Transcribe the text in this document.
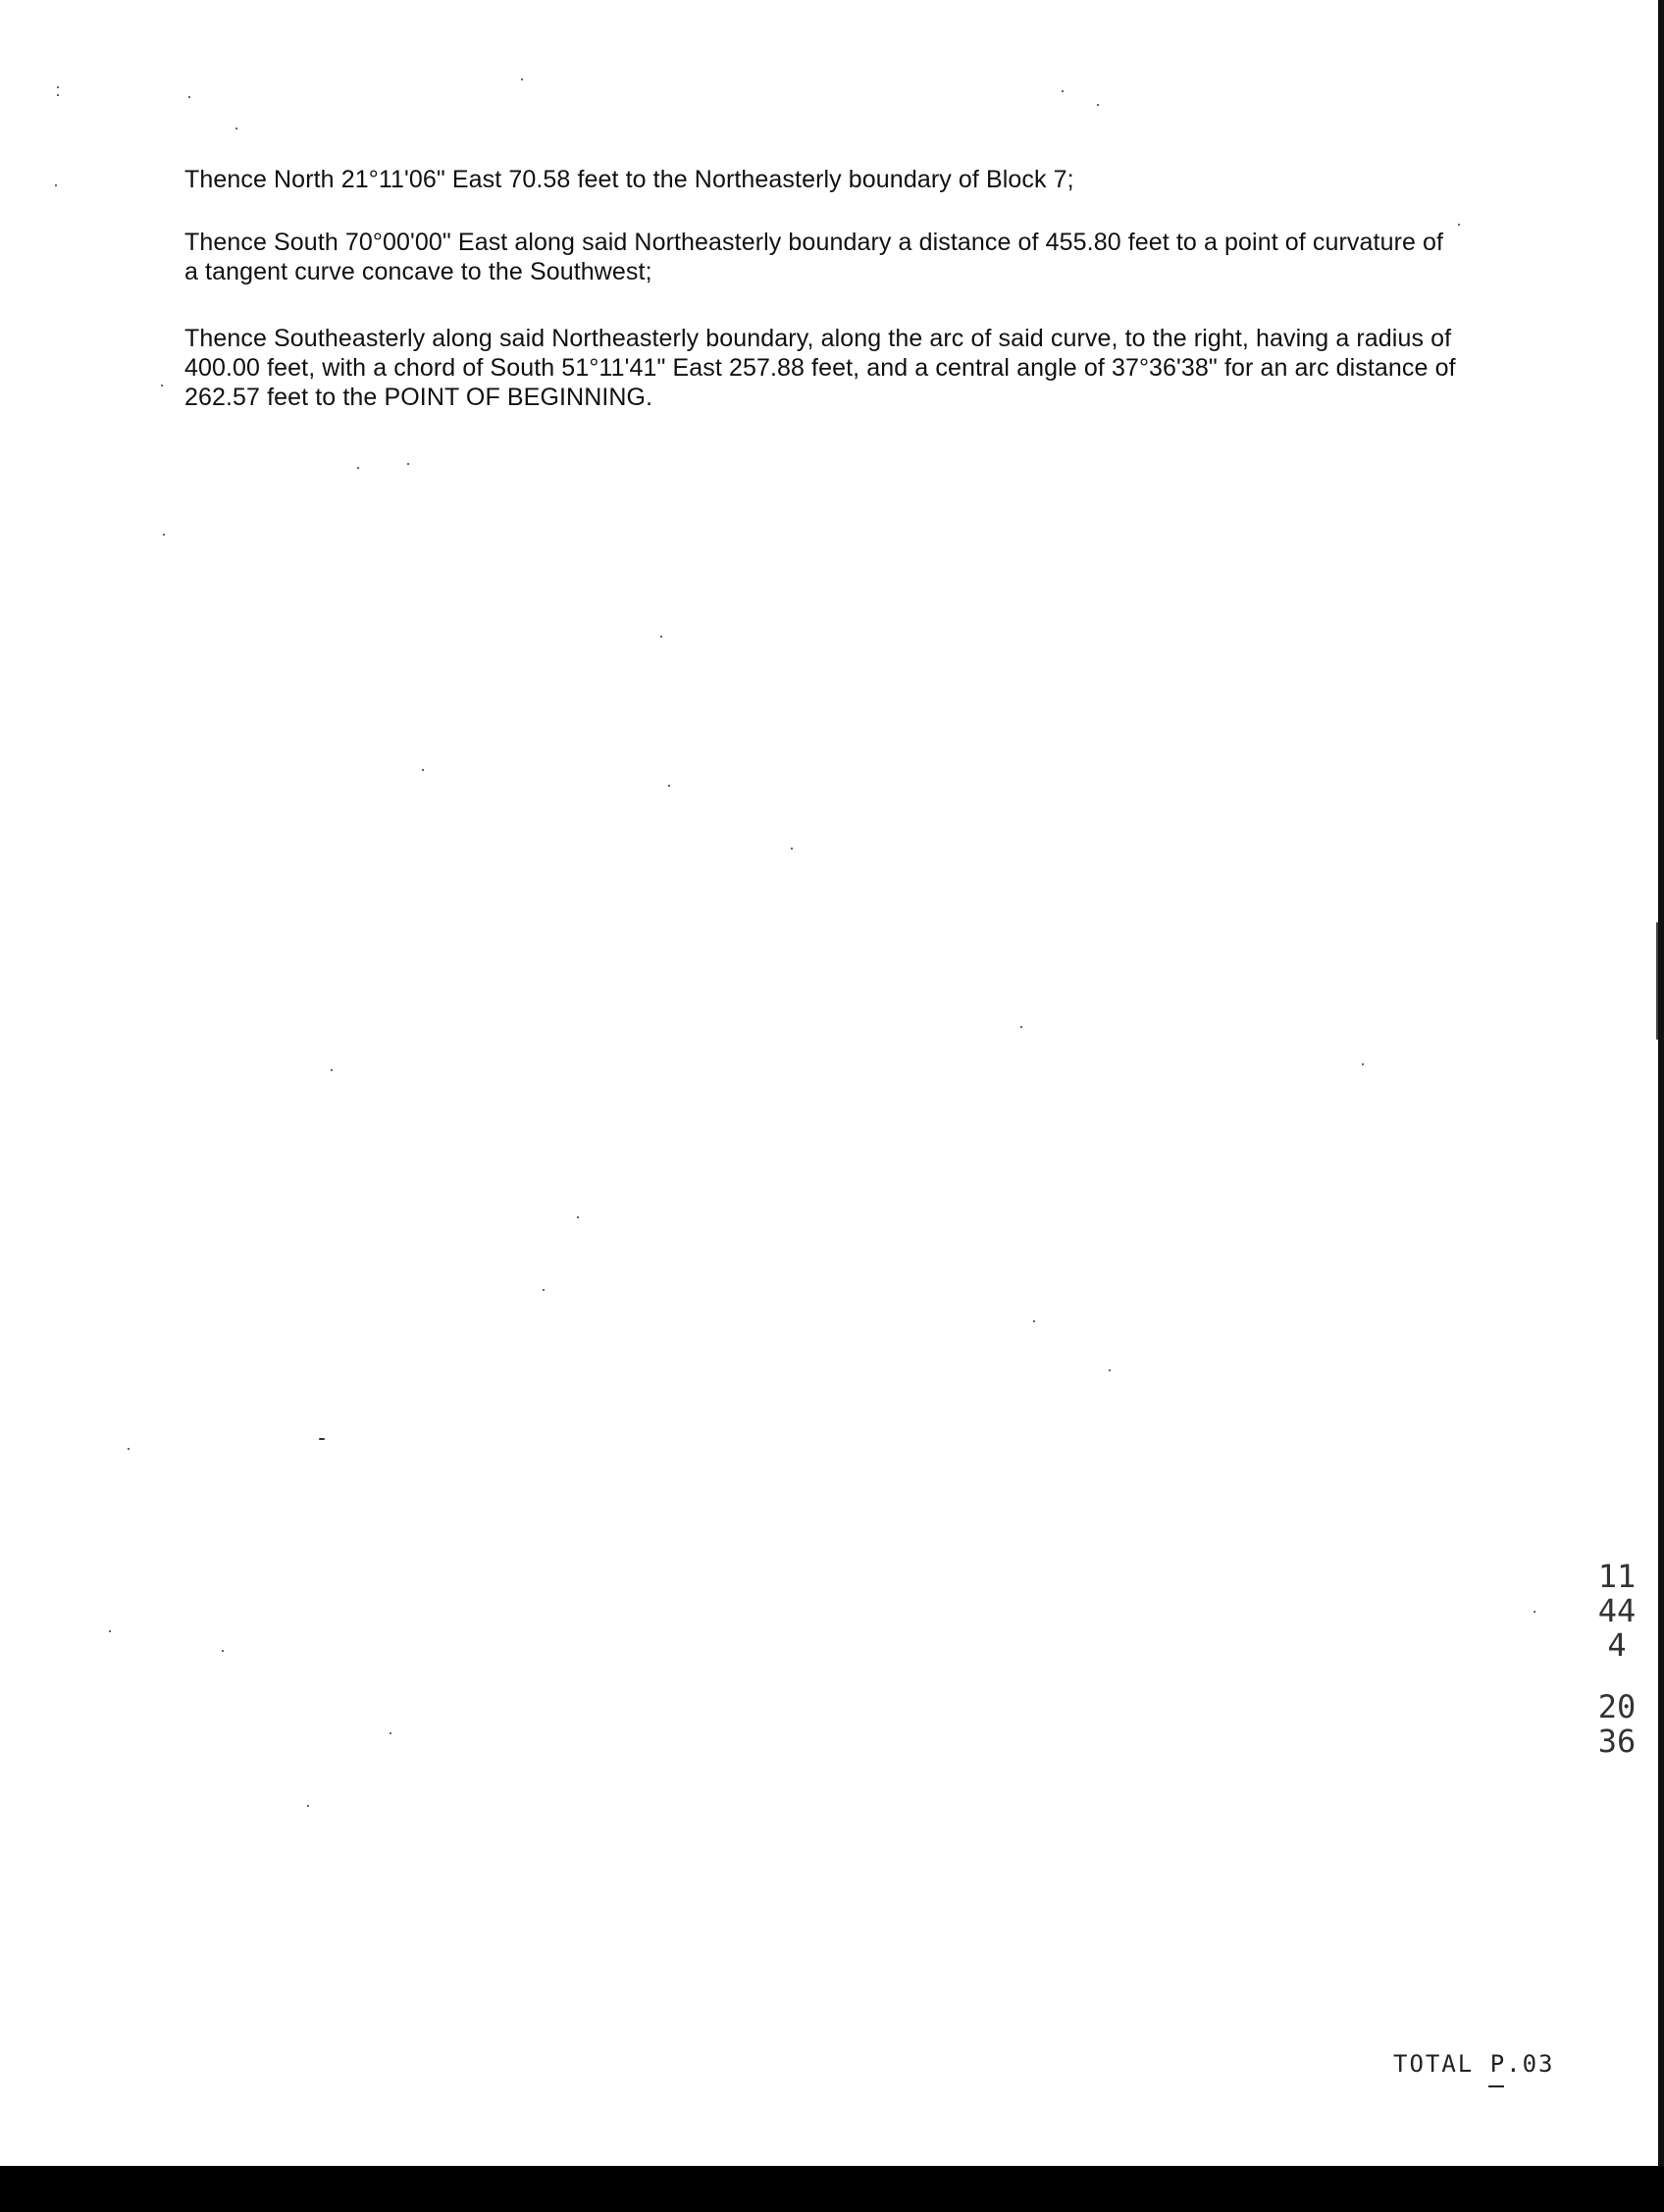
Thence North 21°11'06" East 70.58 feet to the Northeasterly boundary of Block 7;
Thence South 70°00'00" East along said Northeasterly boundary a distance of 455.80 feet to a point of curvature of a tangent curve concave to the Southwest;
Thence Southeasterly along said Northeasterly boundary, along the arc of said curve, to the right, having a radius of 400.00 feet, with a chord of South 51°11'41" East 257.88 feet, and a central angle of 37°36'38" for an arc distance of 262.57 feet to the POINT OF BEGINNING.
11444
2036
TOTAL P.03
